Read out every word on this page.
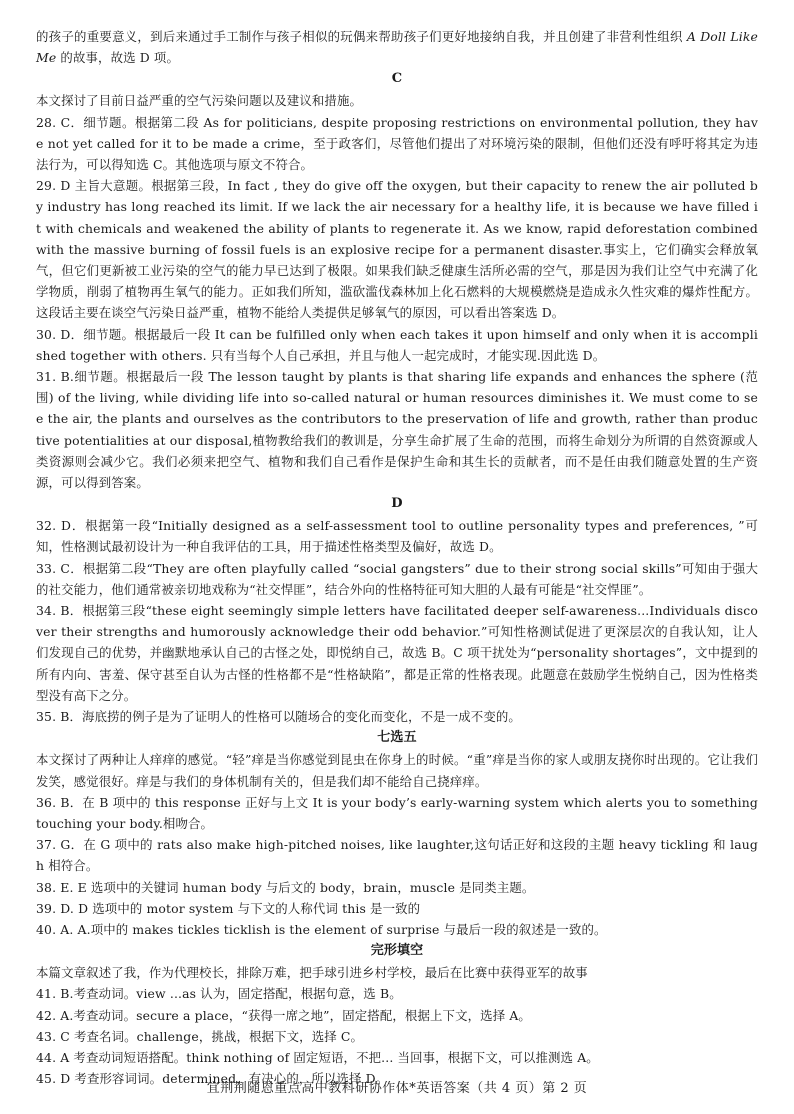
的孩子的重要意义，到后来通过手工制作与孩子相似的玩偶来帮助孩子们更好地接纳自我，并且创建了非营利性组织 A Doll Like Me 的故事，故选 D 项。

C

本文探讨了目前日益严重的空气污染问题以及建议和措施。

28. C．细节题。根据第二段 As for politicians, despite proposing restrictions on environmental pollution, they have not yet called for it to be made a crime，至于政客们，尽管他们提出了对环境污染的限制，但他们还没有呼吁将其定为违法行为，可以得知选 C。其他选项与原文不符合。

29. D 主旨大意题。根据第三段，In fact , they do give off the oxygen, but their capacity to renew the air polluted by industry has long reached its limit. If we lack the air necessary for a healthy life, it is because we have filled it with chemicals and weakened the ability of plants to regenerate it. As we know, rapid deforestation combined with the massive burning of fossil fuels is an explosive recipe for a permanent disaster.事实上，它们确实会释放氧气，但它们更新被工业污染的空气的能力早已达到了极限。如果我们缺乏健康生活所必需的空气，那是因为我们让空气中充满了化学物质，削弱了植物再生氧气的能力。正如我们所知，滥砍滥伐森林加上化石燃料的大规模燃烧是造成永久性灾难的爆炸性配方。这段话主要在谈空气污染日益严重，植物不能给人类提供足够氧气的原因，可以看出答案选 D。

30. D．细节题。根据最后一段 It can be fulfilled only when each takes it upon himself and only when it is accomplished together with others. 只有当每个人自己承担，并且与他人一起完成时，才能实现.因此选 D。

31. B.细节题。根据最后一段 The lesson taught by plants is that sharing life expands and enhances the sphere (范围) of the living, while dividing life into so-called natural or human resources diminishes it. We must come to see the air, the plants and ourselves as the contributors to the preservation of life and growth, rather than productive potentialities at our disposal,植物教给我们的教训是，分享生命扩展了生命的范围，而将生命划分为所谓的自然资源或人类资源则会减少它。我们必须来把空气、植物和我们自己看作是保护生命和其生长的贡献者，而不是任由我们随意处置的生产资源，可以得到答案。

D

32. D．根据第一段“Initially designed as a self-assessment tool to outline personality types and preferences, ”可知，性格测试最初设计为一种自我评估的工具，用于描述性格类型及偏好，故选 D。

33. C．根据第二段“They are often playfully called “social gangsters” due to their strong social skills”可知由于强大的社交能力，他们通常被亲切地戏称为“社交悍匪”，结合外向的性格特征可知大胆的人最有可能是“社交悍匪”。

34. B．根据第三段“these eight seemingly simple letters have facilitated deeper self-awareness...Individuals discover their strengths and humorously acknowledge their odd behavior.”可知性格测试促进了更深层次的自我认知，让人们发现自己的优势，并幽默地承认自己的古怪之处，即悦纳自己，故选 B。C 项干扰处为“personality shortages”，文中提到的所有内向、害羞、保守甚至自认为古怪的性格都不是“性格缺陷”，都是正常的性格表现。此题意在鼓励学生悦纳自己，因为性格类型没有高下之分。

35. B．海底捞的例子是为了证明人的性格可以随场合的变化而变化，不是一成不变的。

七选五

本文探讨了两种让人痒痒的感觉。“轻”痒是当你感觉到昆虫在你身上的时候。“重”痒是当你的家人或朋友挠你时出现的。它让我们发笑，感觉很好。痒是与我们的身体机制有关的，但是我们却不能给自己挠痒痒。

36. B．在 B 项中的 this response 正好与上文 It is your body’s early-warning system which alerts you to something touching your body.相吻合。

37. G．在 G 项中的 rats also make high-pitched noises, like laughter,这句话正好和这段的主题 heavy tickling 和 laugh 相符合。

38. E. E 选项中的关键词 human body 与后文的 body，brain，muscle 是同类主题。

39. D. D 选项中的 motor system 与下文的人称代词 this 是一致的

40. A. A.项中的 makes tickles ticklish is the element of surprise 与最后一段的叙述是一致的。

完形填空

本篇文章叙述了我，作为代理校长，排除万难，把手球引进乡村学校，最后在比赛中获得亚军的故事

41. B.考查动词。view ...as 认为，固定搭配，根据句意，选 B。

42. A.考查动词。secure a place，“获得一席之地”，固定搭配，根据上下文，选择 A。

43. C 考查名词。challenge，挑战，根据下文，选择 C。

44. A 考查动词短语搭配。think nothing of 固定短语，不把... 当回事，根据下文，可以推测选 A。

45. D 考查形容词词。determined，有决心的，所以选择 D。

宜荆荆随恩重点高中教科研协作体*英语答案（共 4 页）第 2 页
